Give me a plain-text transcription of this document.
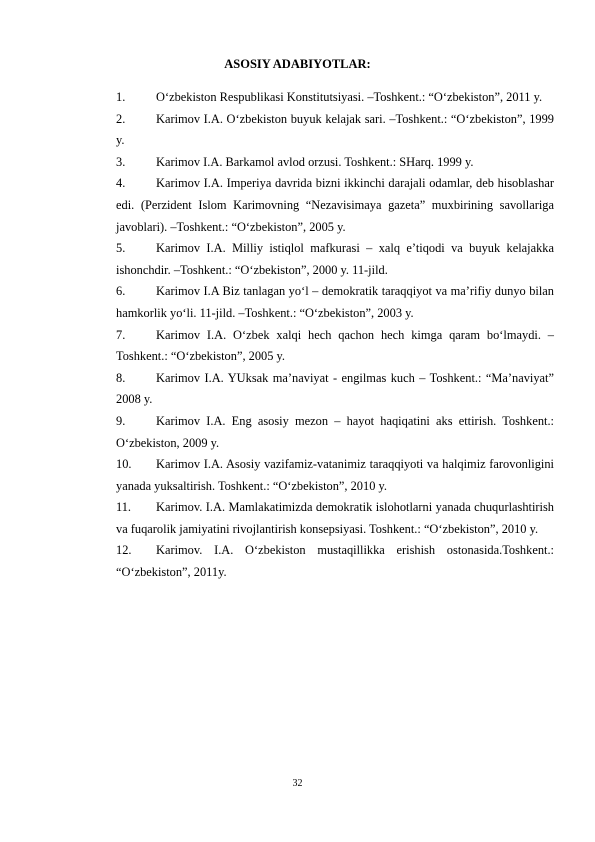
ASOSIY ADABIYOTLAR:
1. O‘zbekiston Respublikasi Konstitutsiyasi. –Toshkent.: “O‘zbekiston”, 2011 y.
2. Karimov I.A. O‘zbekiston buyuk kelajak sari. –Toshkent.: “O‘zbekiston”, 1999 y.
3. Karimov I.A. Barkamol avlod orzusi. Toshkent.: SHarq. 1999 y.
4. Karimov I.A. Imperiya davrida bizni ikkinchi darajali odamlar, deb hisoblashar edi. (Perzident Islom Karimovning “Nezavisimaya gazeta” muxbirining savollariga javoblari). –Toshkent.: “O‘zbekiston”, 2005 y.
5. Karimov I.A. Milliy istiqlol mafkurasi – xalq e’tiqodi va buyuk kelajakka ishonchdir. –Toshkent.: “O‘zbekiston”, 2000 y. 11-jild.
6. Karimov I.A Biz tanlagan yo‘l – demokratik taraqqiyot va ma’rifiy dunyo bilan hamkorlik yo‘li. 11-jild. –Toshkent.: “O‘zbekiston”, 2003 y.
7. Karimov I.A. O‘zbek xalqi hech qachon hech kimga qaram bo‘lmaydi. –Toshkent.: “O‘zbekiston”, 2005 y.
8. Karimov I.A. YUksak ma’naviyat - engilmas kuch – Toshkent.: “Ma’naviyat” 2008 y.
9. Karimov I.A. Eng asosiy mezon – hayot haqiqatini aks ettirish. Toshkent.: O‘zbekiston, 2009 y.
10. Karimov I.A. Asosiy vazifamiz-vatanimiz taraqqiyoti va halqimiz farovonligini yanada yuksaltirish. Toshkent.: “O‘zbekiston”, 2010 y.
11. Karimov. I.A. Mamlakatimizda demokratik islohotlarni yanada chuqurlashtirish va fuqarolik jamiyatini rivojlantirish konsepsiyasi. Toshkent.: “O‘zbekiston”, 2010 y.
12. Karimov. I.A. O‘zbekiston mustaqillikka erishish ostonasida.Toshkent.: “O‘zbekiston”, 2011y.
32
